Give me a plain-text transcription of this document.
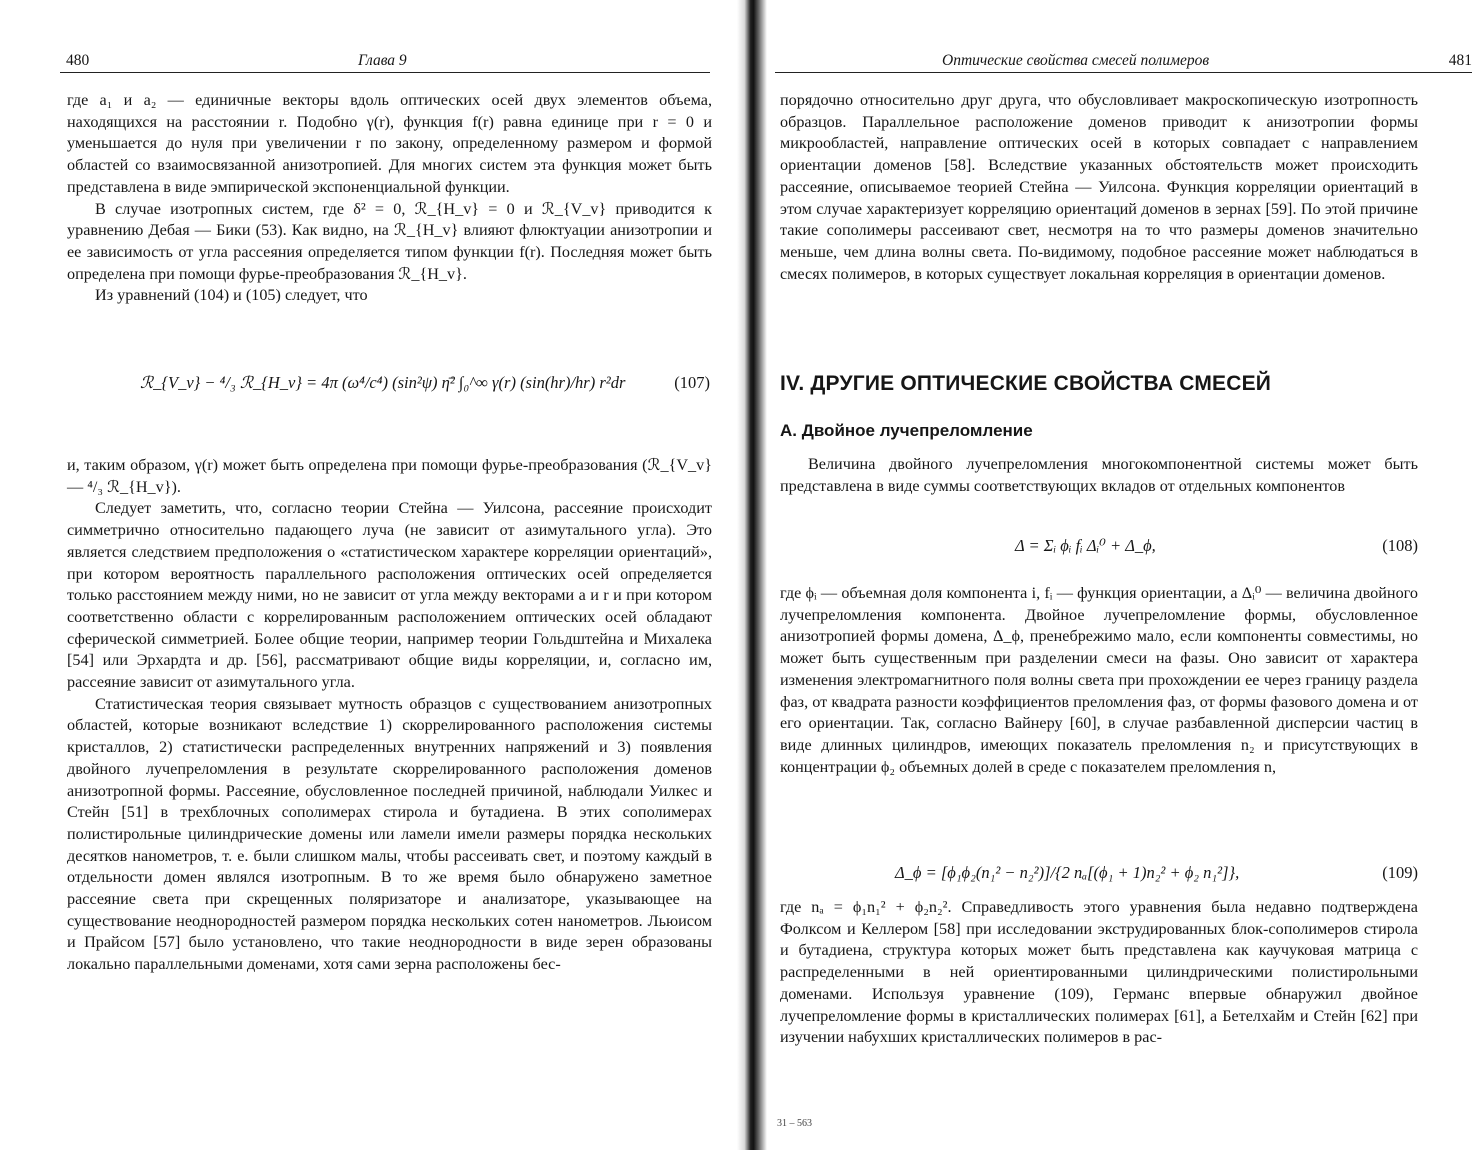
480	Глава 9

где a₁ и a₂ — единичные векторы вдоль оптических осей двух элементов объема, находящихся на расстоянии r. Подобно γ(r), функция f(r) равна единице при r = 0 и уменьшается до нуля при увеличении r по закону, определенному размером и формой областей со взаимосвязанной анизотропией. Для многих систем эта функция может быть представлена в виде эмпирической экспоненциальной функции.

В случае изотропных систем, где δ² = 0, ℛ_{H_v} = 0 и ℛ_{V_v} приводится к уравнению Дебая — Бики (53). Как видно, на ℛ_{H_v} влияют флюктуации анизотропии и ее зависимость от угла рассеяния определяется типом функции f(r). Последняя может быть определена при помощи фурье-преобразования ℛ_{H_v}.

Из уравнений (104) и (105) следует, что

ℛ_{V_v} − ⁴/₃ ℛ_{H_v} = 4π (ω⁴/c⁴) (sin²ψ) η̄² ∫₀^∞ γ(r) (sin(hr)/hr) r²dr	(107)

и, таким образом, γ(r) может быть определена при помощи фурье-преобразования (ℛ_{V_v} — ⁴/₃ ℛ_{H_v}).

Следует заметить, что, согласно теории Стейна — Уилсона, рассеяние происходит симметрично относительно падающего луча (не зависит от азимутального угла). Это является следствием предположения о «статистическом характере корреляции ориентаций», при котором вероятность параллельного расположения оптических осей определяется только расстоянием между ними, но не зависит от угла между векторами a и r и при котором соответственно области с коррелированным расположением оптических осей обладают сферической симметрией. Более общие теории, например теории Гольдштейна и Михалека [54] или Эрхардта и др. [56], рассматривают общие виды корреляции, и, согласно им, рассеяние зависит от азимутального угла.

Статистическая теория связывает мутность образцов с существованием анизотропных областей, которые возникают вследствие 1) скоррелированного расположения системы кристаллов, 2) статистически распределенных внутренних напряжений и 3) появления двойного лучепреломления в результате скоррелированного расположения доменов анизотропной формы. Рассеяние, обусловленное последней причиной, наблюдали Уилкес и Стейн [51] в трехблочных сополимерах стирола и бутадиена. В этих сополимерах полистирольные цилиндрические домены или ламели имели размеры порядка нескольких десятков нанометров, т. е. были слишком малы, чтобы рассеивать свет, и поэтому каждый в отдельности домен являлся изотропным. В то же время было обнаружено заметное рассеяние света при скрещенных поляризаторе и анализаторе, указывающее на существование неоднородностей размером порядка нескольких сотен нанометров. Льюисом и Прайсом [57] было установлено, что такие неоднородности в виде зерен образованы локально параллельными доменами, хотя сами зерна расположены бес-

Оптические свойства смесей полимеров	481

порядочно относительно друг друга, что обусловливает макроскопическую изотропность образцов. Параллельное расположение доменов приводит к анизотропии формы микрообластей, направление оптических осей в которых совпадает с направлением ориентации доменов [58]. Вследствие указанных обстоятельств может происходить рассеяние, описываемое теорией Стейна — Уилсона. Функция корреляции ориентаций в этом случае характеризует корреляцию ориентаций доменов в зернах [59]. По этой причине такие сополимеры рассеивают свет, несмотря на то что размеры доменов значительно меньше, чем длина волны света. По-видимому, подобное рассеяние может наблюдаться в смесях полимеров, в которых существует локальная корреляция в ориентации доменов.

IV. ДРУГИЕ ОПТИЧЕСКИЕ СВОЙСТВА СМЕСЕЙ
А. Двойное лучепреломление

Величина двойного лучепреломления многокомпонентной системы может быть представлена в виде суммы соответствующих вкладов от отдельных компонентов

Δ = Σᵢ ϕᵢ fᵢ Δᵢ⁰ + Δ_ϕ,	(108)

где ϕᵢ — объемная доля компонента i, fᵢ — функция ориентации, а Δᵢ⁰ — величина двойного лучепреломления компонента. Двойное лучепреломление формы, обусловленное анизотропией формы домена, Δ_ϕ, пренебрежимо мало, если компоненты совместимы, но может быть существенным при разделении смеси на фазы. Оно зависит от характера изменения электромагнитного поля волны света при прохождении ее через границу раздела фаз, от квадрата разности коэффициентов преломления фаз, от формы фазового домена и от его ориентации. Так, согласно Вайнеру [60], в случае разбавленной дисперсии частиц в виде длинных цилиндров, имеющих показатель преломления n₂ и присутствующих в концентрации ϕ₂ объемных долей в среде с показателем преломления n,

Δ_ϕ = [ϕ₁ϕ₂(n₁² − n₂²)]/{2 nₐ[(ϕ₁ + 1)n₂² + ϕ₂ n₁²]},	(109)

где nₐ = ϕ₁n₁² + ϕ₂n₂². Справедливость этого уравнения была недавно подтверждена Фолксом и Келлером [58] при исследовании экструдированных блок-сополимеров стирола и бутадиена, структура которых может быть представлена как каучуковая матрица с распределенными в ней ориентированными цилиндрическими полистирольными доменами. Используя уравнение (109), Германс впервые обнаружил двойное лучепреломление формы в кристаллических полимерах [61], а Бетелхайм и Стейн [62] при изучении набухших кристаллических полимеров в рас-

31 – 563
